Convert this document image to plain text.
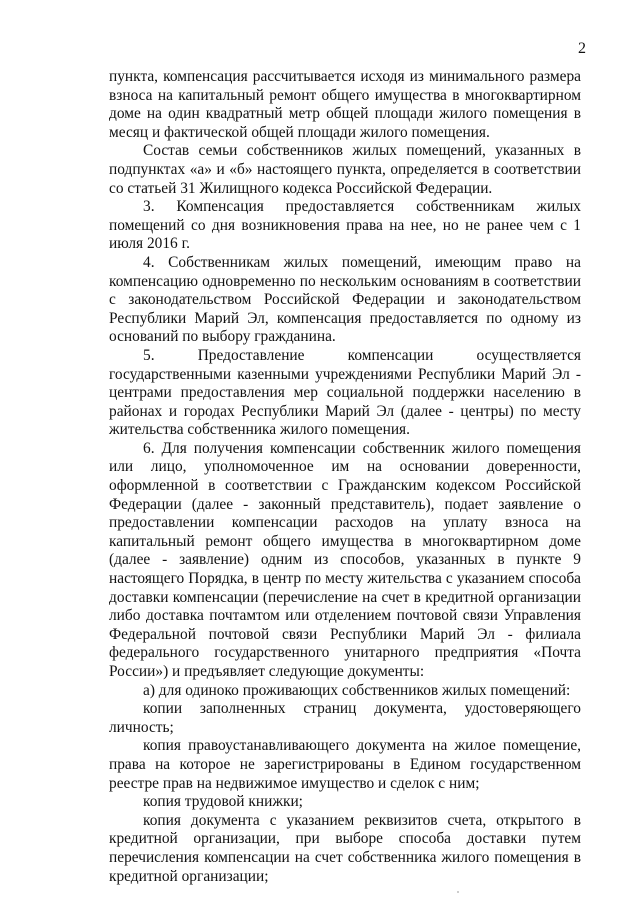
2

пункта, компенсация рассчитывается исходя из минимального размера взноса на капитальный ремонт общего имущества в многоквартирном доме на один квадратный метр общей площади жилого помещения в месяц и фактической общей площади жилого помещения.

Состав семьи собственников жилых помещений, указанных в подпунктах «а» и «б» настоящего пункта, определяется в соответствии со статьей 31 Жилищного кодекса Российской Федерации.

3. Компенсация предоставляется собственникам жилых помещений со дня возникновения права на нее, но не ранее чем с 1 июля 2016 г.

4. Собственникам жилых помещений, имеющим право на компенсацию одновременно по нескольким основаниям в соответствии с законодательством Российской Федерации и законодательством Республики Марий Эл, компенсация предоставляется по одному из оснований по выбору гражданина.

5. Предоставление компенсации осуществляется государственными казенными учреждениями Республики Марий Эл - центрами предоставления мер социальной поддержки населению в районах и городах Республики Марий Эл (далее - центры) по месту жительства собственника жилого помещения.

6. Для получения компенсации собственник жилого помещения или лицо, уполномоченное им на основании доверенности, оформленной в соответствии с Гражданским кодексом Российской Федерации (далее - законный представитель), подает заявление о предоставлении компенсации расходов на уплату взноса на капитальный ремонт общего имущества в многоквартирном доме (далее - заявление) одним из способов, указанных в пункте 9 настоящего Порядка, в центр по месту жительства с указанием способа доставки компенсации (перечисление на счет в кредитной организации либо доставка почтамтом или отделением почтовой связи Управления Федеральной почтовой связи Республики Марий Эл - филиала федерального государственного унитарного предприятия «Почта России») и предъявляет следующие документы:

а) для одиноко проживающих собственников жилых помещений:

копии заполненных страниц документа, удостоверяющего личность;

копия правоустанавливающего документа на жилое помещение, права на которое не зарегистрированы в Едином государственном реестре прав на недвижимое имущество и сделок с ним;

копия трудовой книжки;

копия документа с указанием реквизитов счета, открытого в кредитной организации, при выборе способа доставки путем перечисления компенсации на счет собственника жилого помещения в кредитной организации;
